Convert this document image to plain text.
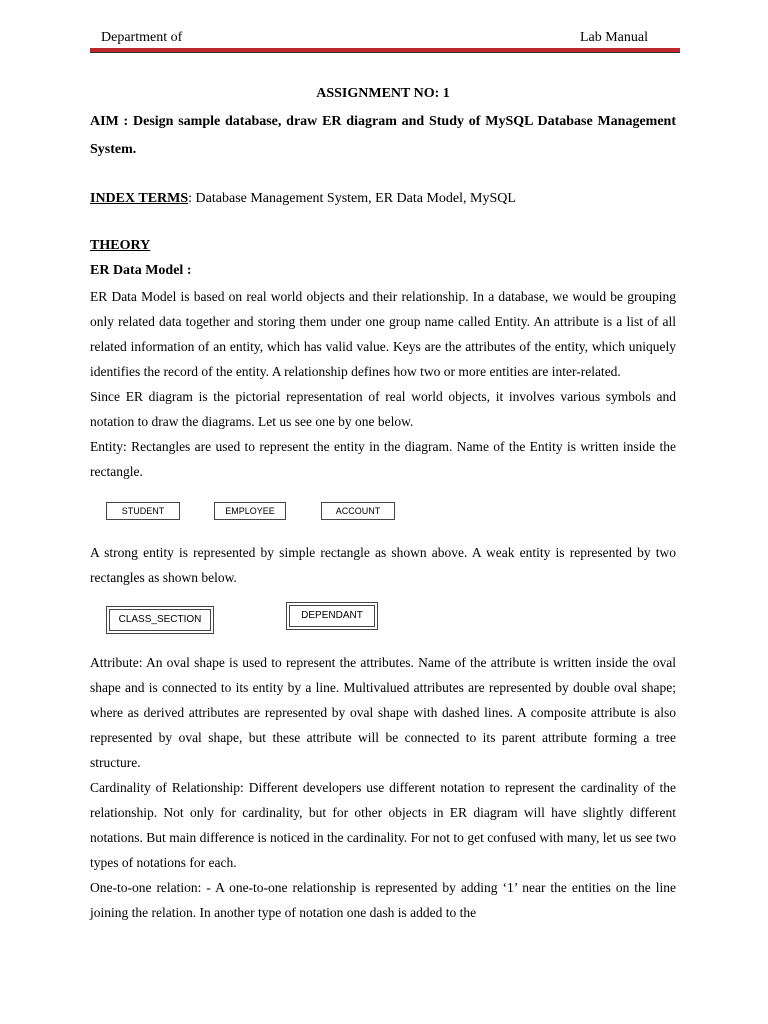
Department of	Lab Manual
ASSIGNMENT NO: 1
AIM : Design sample database, draw ER diagram and Study of MySQL Database Management System.
INDEX TERMS: Database Management System, ER Data Model, MySQL
THEORY
ER Data Model :

ER Data Model is based on real world objects and their relationship. In a database, we would be grouping only related data together and storing them under one group name called Entity. An attribute is a list of all related information of an entity, which has valid value. Keys are the attributes of the entity, which uniquely identifies the record of the entity. A relationship defines how two or more entities are inter-related.

Since ER diagram is the pictorial representation of real world objects, it involves various symbols and notation to draw the diagrams. Let us see one by one below.

Entity: Rectangles are used to represent the entity in the diagram. Name of the Entity is written inside the rectangle.

STUDENT	EMPLOYEE	ACCOUNT

A strong entity is represented by simple rectangle as shown above. A weak entity is represented by two rectangles as shown below.

CLASS_SECTION	DEPENDANT

Attribute: An oval shape is used to represent the attributes. Name of the attribute is written inside the oval shape and is connected to its entity by a line. Multivalued attributes are represented by double oval shape; where as derived attributes are represented by oval shape with dashed lines. A composite attribute is also represented by oval shape, but these attribute will be connected to its parent attribute forming a tree structure.

Cardinality of Relationship: Different developers use different notation to represent the cardinality of the relationship. Not only for cardinality, but for other objects in ER diagram will have slightly different notations. But main difference is noticed in the cardinality. For not to get confused with many, let us see two types of notations for each.

One-to-one relation: - A one-to-one relationship is represented by adding ‘1’ near the entities on the line joining the relation. In another type of notation one dash is added to the
